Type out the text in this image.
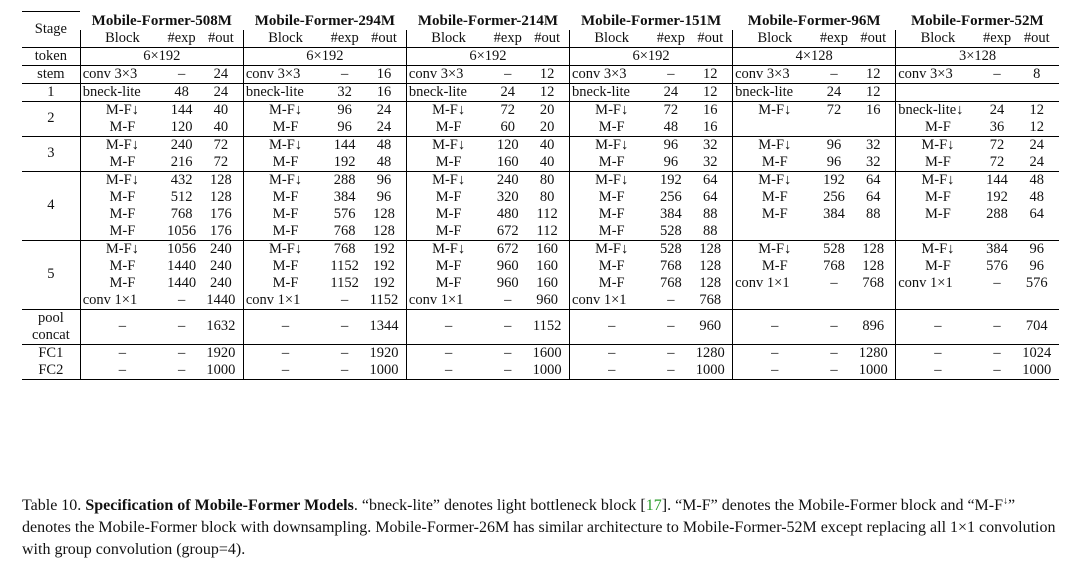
Stage	Mobile-Former-508M			Mobile-Former-294M			Mobile-Former-214M			Mobile-Former-151M			Mobile-Former-96M			Mobile-Former-52M		
	Block	#exp	#out	Block	#exp	#out	Block	#exp	#out	Block	#exp	#out	Block	#exp	#out	Block	#exp	#out
token	6×192			6×192			6×192			6×192			4×128			3×128		
stem	conv 3×3	–	24	conv 3×3	–	16	conv 3×3	–	12	conv 3×3	–	12	conv 3×3	–	12	conv 3×3	–	8
1	bneck-lite	48	24	bneck-lite	32	16	bneck-lite	24	12	bneck-lite	24	12	bneck-lite	24	12			
2	M-F↓	144	40	M-F↓	96	24	M-F↓	72	20	M-F↓	72	16	M-F↓	72	16	bneck-lite↓	24	12
	M-F	120	40	M-F	96	24	M-F	60	20	M-F	48	16				M-F	36	12
3	M-F↓	240	72	M-F↓	144	48	M-F↓	120	40	M-F↓	96	32	M-F↓	96	32	M-F↓	72	24
	M-F	216	72	M-F	192	48	M-F	160	40	M-F	96	32	M-F	96	32	M-F	72	24
4	M-F↓	432	128	M-F↓	288	96	M-F↓	240	80	M-F↓	192	64	M-F↓	192	64	M-F↓	144	48
	M-F	512	128	M-F	384	96	M-F	320	80	M-F	256	64	M-F	256	64	M-F	192	48
	M-F	768	176	M-F	576	128	M-F	480	112	M-F	384	88	M-F	384	88	M-F	288	64
	M-F	1056	176	M-F	768	128	M-F	672	112	M-F	528	88						
5	M-F↓	1056	240	M-F↓	768	192	M-F↓	672	160	M-F↓	528	128	M-F↓	528	128	M-F↓	384	96
	M-F	1440	240	M-F	1152	192	M-F	960	160	M-F	768	128	M-F	768	128	M-F	576	96
	M-F	1440	240	M-F	1152	192	M-F	960	160	M-F	768	128	conv 1×1	–	768	conv 1×1	–	576
	conv 1×1	–	1440	conv 1×1	–	1152	conv 1×1	–	960	conv 1×1	–	768						
pool concat	–	–	1632	–	–	1344	–	–	1152	–	–	960	–	–	896	–	–	704
FC1	–	–	1920	–	–	1920	–	–	1600	–	–	1280	–	–	1280	–	–	1024
FC2	–	–	1000	–	–	1000	–	–	1000	–	–	1000	–	–	1000	–	–	1000
Table 10. Specification of Mobile-Former Models. “bneck-lite” denotes light bottleneck block [17]. “M-F” denotes the Mobile-Former block and “M-F↓” denotes the Mobile-Former block with downsampling. Mobile-Former-26M has similar architecture to Mobile-Former-52M except replacing all 1×1 convolution with group convolution (group=4).
